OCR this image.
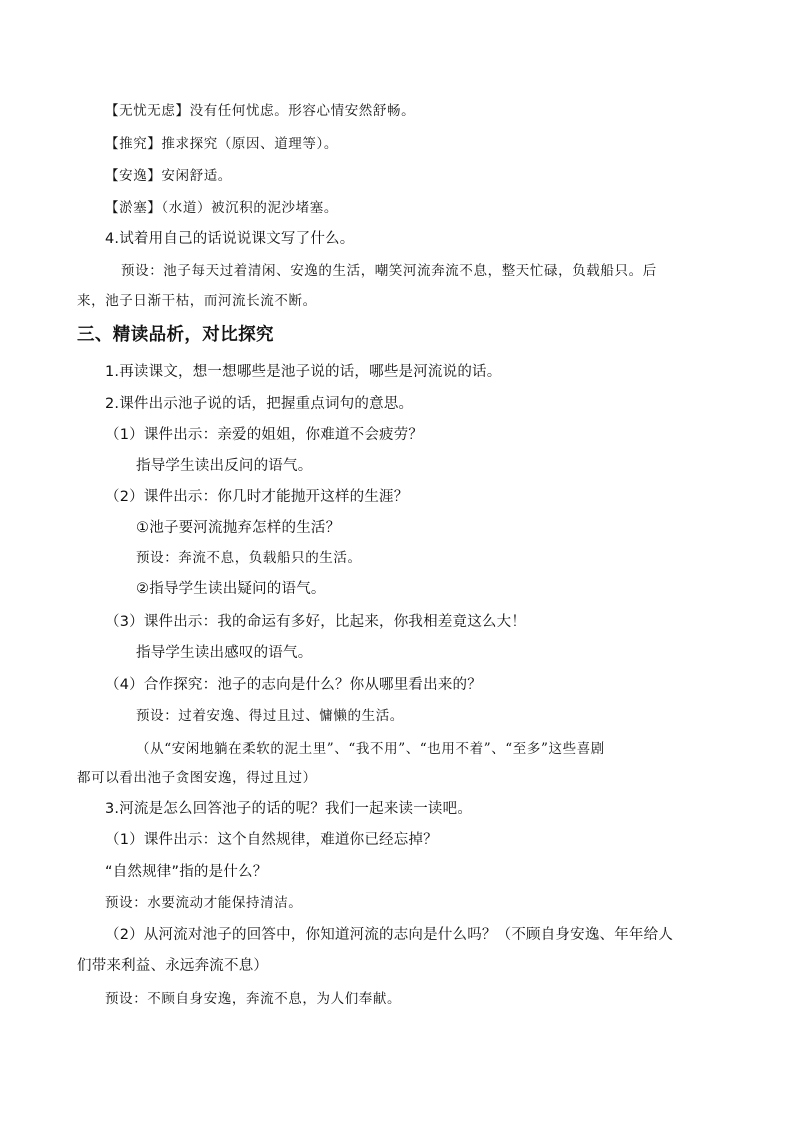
【无忧无虑】没有任何忧虑。形容心情安然舒畅。
【推究】推求探究（原因、道理等）。
【安逸】安闲舒适。
【淤塞】（水道）被沉积的泥沙堵塞。
4.试着用自己的话说说课文写了什么。
预设：池子每天过着清闲、安逸的生活，嘲笑河流奔流不息，整天忙碌，负载船只。后
来，池子日渐干枯，而河流长流不断。
三、精读品析，对比探究
1.再读课文，想一想哪些是池子说的话，哪些是河流说的话。
2.课件出示池子说的话，把握重点词句的意思。
（1）课件出示：亲爱的姐姐，你难道不会疲劳？
指导学生读出反问的语气。
（2）课件出示：你几时才能抛开这样的生涯？
①池子要河流抛弃怎样的生活？
预设：奔流不息，负载船只的生活。
②指导学生读出疑问的语气。
（3）课件出示：我的命运有多好，比起来，你我相差竟这么大！
指导学生读出感叹的语气。
（4）合作探究：池子的志向是什么？你从哪里看出来的？
预设：过着安逸、得过且过、慵懒的生活。
（从“安闲地躺在柔软的泥土里”、“我不用”、“也用不着”、“至多”这些喜剧
都可以看出池子贪图安逸，得过且过）
3.河流是怎么回答池子的话的呢？我们一起来读一读吧。
（1）课件出示：这个自然规律，难道你已经忘掉？
“自然规律”指的是什么？
预设：水要流动才能保持清洁。
（2）从河流对池子的回答中，你知道河流的志向是什么吗？（不顾自身安逸、年年给人
们带来利益、永远奔流不息）
预设：不顾自身安逸，奔流不息，为人们奉献。
